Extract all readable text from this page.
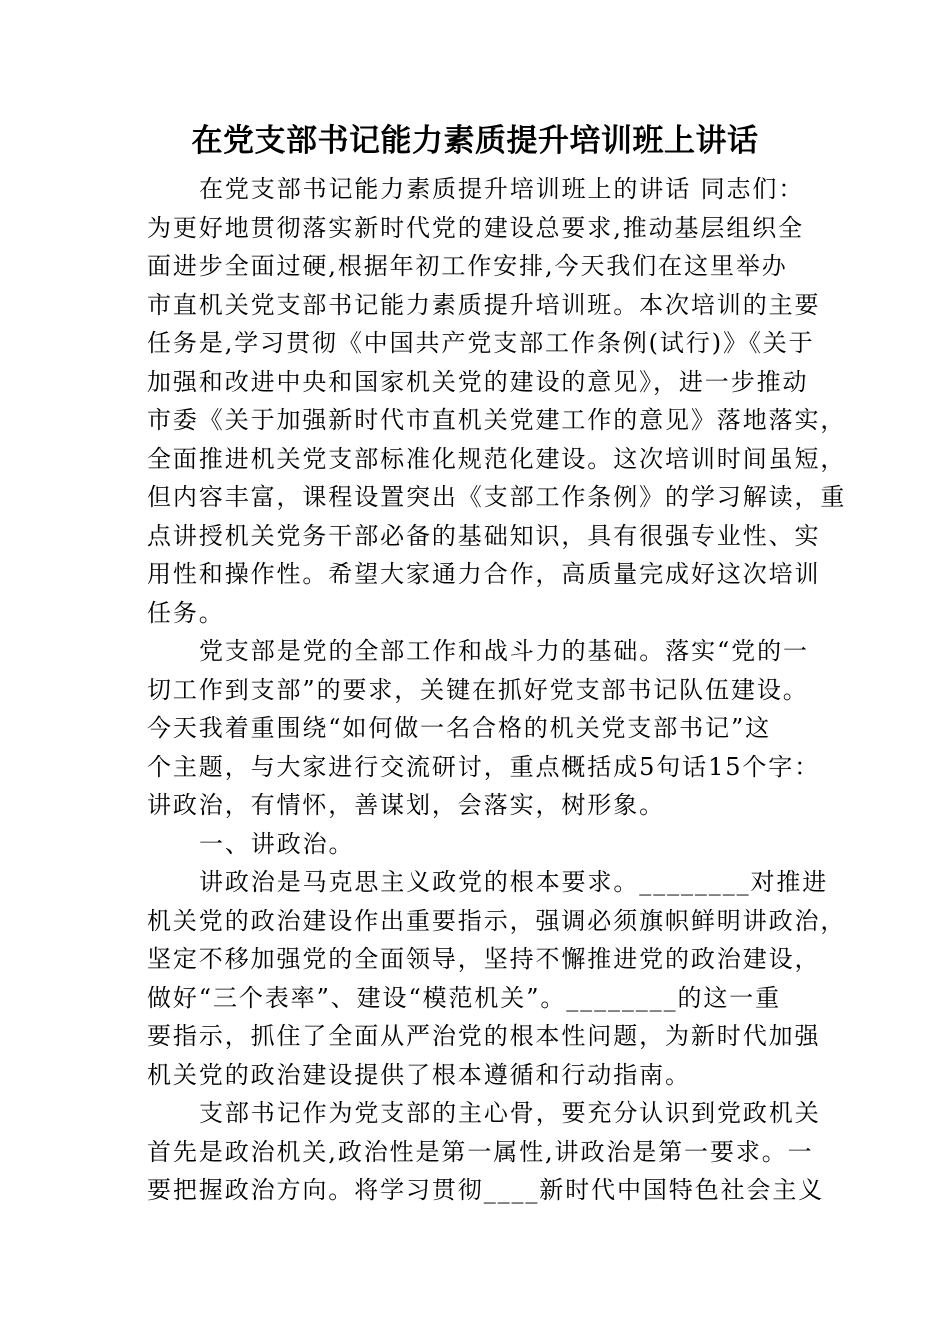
在党支部书记能力素质提升培训班上讲话
在党支部书记能力素质提升培训班上的讲话 同志们：
为更好地贯彻落实新时代党的建设总要求,推动基层组织全
面进步全面过硬,根据年初工作安排,今天我们在这里举办
市直机关党支部书记能力素质提升培训班。本次培训的主要
任务是,学习贯彻《中国共产党支部工作条例(试行)》《关于
加强和改进中央和国家机关党的建设的意见》，进一步推动
市委《关于加强新时代市直机关党建工作的意见》落地落实，
全面推进机关党支部标准化规范化建设。这次培训时间虽短，
但内容丰富，课程设置突出《支部工作条例》的学习解读，重
点讲授机关党务干部必备的基础知识，具有很强专业性、实
用性和操作性。希望大家通力合作，高质量完成好这次培训
任务。
党支部是党的全部工作和战斗力的基础。落实“党的一
切工作到支部”的要求，关键在抓好党支部书记队伍建设。
今天我着重围绕“如何做一名合格的机关党支部书记”这
个主题，与大家进行交流研讨，重点概括成5句话15个字：
讲政治，有情怀，善谋划，会落实，树形象。
一、讲政治。
讲政治是马克思主义政党的根本要求。________对推进
机关党的政治建设作出重要指示，强调必须旗帜鲜明讲政治，
坚定不移加强党的全面领导，坚持不懈推进党的政治建设，
做好“三个表率”、建设“模范机关”。________的这一重
要指示，抓住了全面从严治党的根本性问题，为新时代加强
机关党的政治建设提供了根本遵循和行动指南。
支部书记作为党支部的主心骨，要充分认识到党政机关
首先是政治机关,政治性是第一属性,讲政治是第一要求。一
要把握政治方向。将学习贯彻____新时代中国特色社会主义
